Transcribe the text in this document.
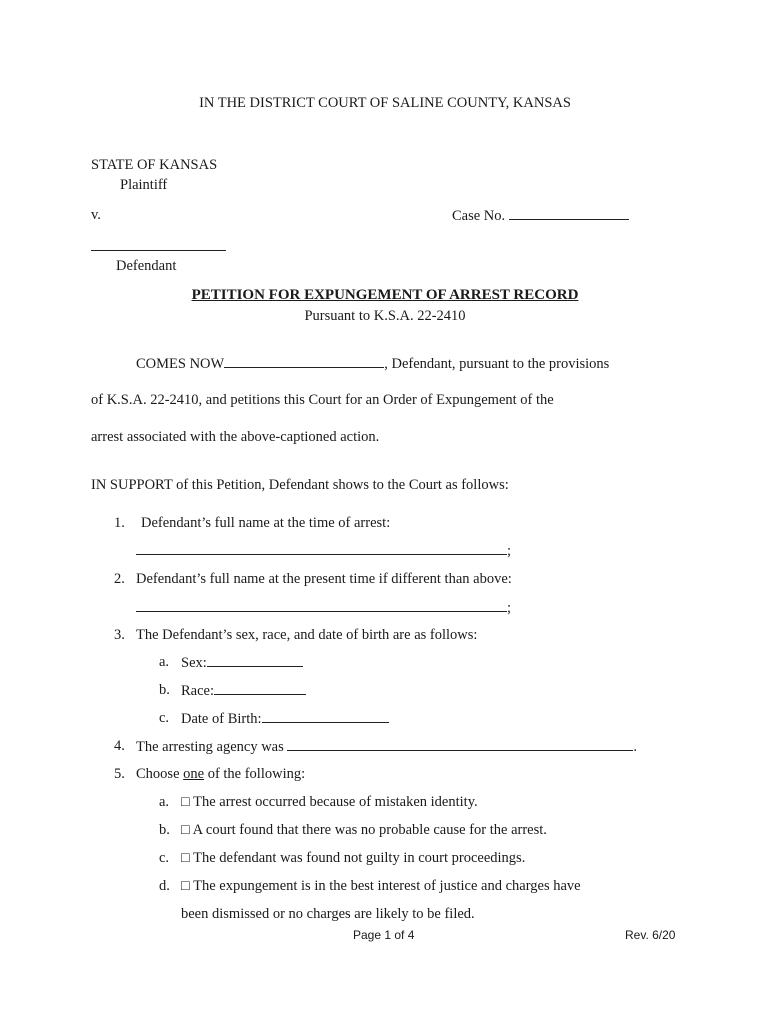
IN THE DISTRICT COURT OF SALINE COUNTY, KANSAS
STATE OF KANSAS
Plaintiff
v.	Case No.
Defendant
PETITION FOR EXPUNGEMENT OF ARREST RECORD
Pursuant to K.S.A. 22-2410
COMES NOW	, Defendant, pursuant to the provisions
of K.S.A. 22-2410, and petitions this Court for an Order of Expungement of the
arrest associated with the above-captioned action.
IN SUPPORT of this Petition, Defendant shows to the Court as follows:
1. Defendant’s full name at the time of arrest:
;
2. Defendant’s full name at the present time if different than above:
;
3. The Defendant’s sex, race, and date of birth are as follows:
a. Sex:
b. Race:
c. Date of Birth:
4. The arresting agency was	.
5. Choose one of the following:
a. □ The arrest occurred because of mistaken identity.
b. □ A court found that there was no probable cause for the arrest.
c. □ The defendant was found not guilty in court proceedings.
d. □ The expungement is in the best interest of justice and charges have
been dismissed or no charges are likely to be filed.
Page 1 of 4	Rev. 6/20
